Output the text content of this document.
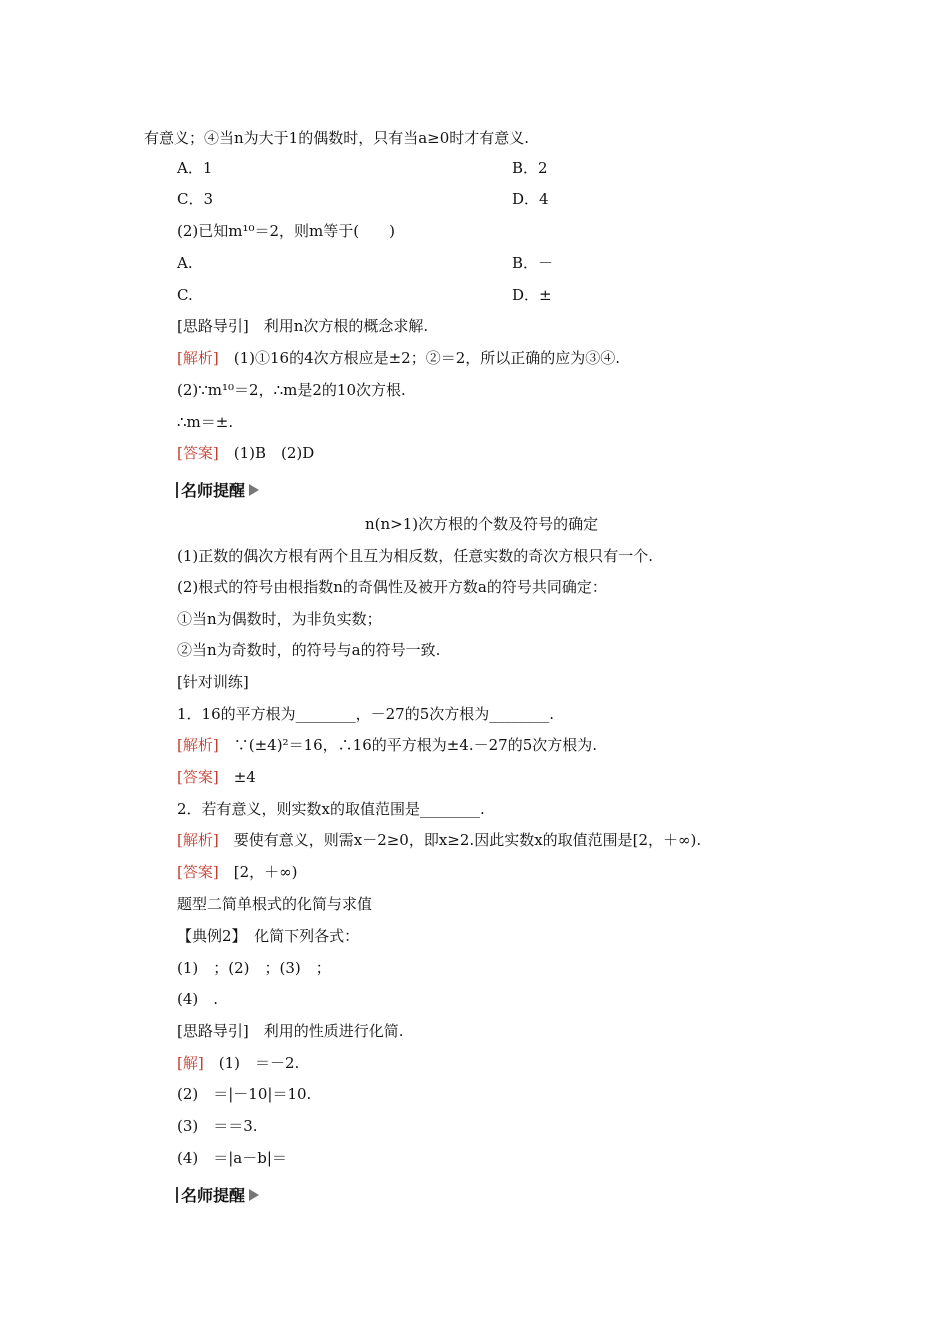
有意义；④当n为大于1的偶数时，只有当a≥0时才有意义.
A．1	B．2
C．3	D．4
(2)已知m¹⁰＝2，则m等于(　　)
A.	B．－
C.	D．±
[思路导引]　 利用n次方根的概念求解.
[解析]　 (1)①16的4次方根应是±2；②＝2，所以正确的应为③④.
(2)∵m¹⁰＝2，∴m是2的10次方根.
∴m＝±.
[答案]　 (1)B　(2)D
名师提醒
n(n>1)次方根的个数及符号的确定
(1)正数的偶次方根有两个且互为相反数，任意实数的奇次方根只有一个.
(2)根式的符号由根指数n的奇偶性及被开方数a的符号共同确定：
①当n为偶数时，为非负实数；
②当n为奇数时，的符号与a的符号一致.
[针对训练]
1．16的平方根为________，－27的5次方根为________.
[解析]　 ∵(±4)²＝16，∴16的平方根为±4.－27的5次方根为.
[答案]　 ±4
2．若有意义，则实数x的取值范围是________.
[解析]　 要使有意义，则需x－2≥0，即x≥2.因此实数x的取值范围是[2，＋∞).
[答案]　 [2，＋∞)
题型二简单根式的化简与求值
【典例2】　 化简下列各式：
(1)　；(2)　；(3)　；
(4)　.
[思路导引]　 利用的性质进行化简.
[解]　 (1)　＝－2.
(2)　＝|－10|＝10.
(3)　＝＝3.
(4)　＝|a－b|＝
名师提醒
